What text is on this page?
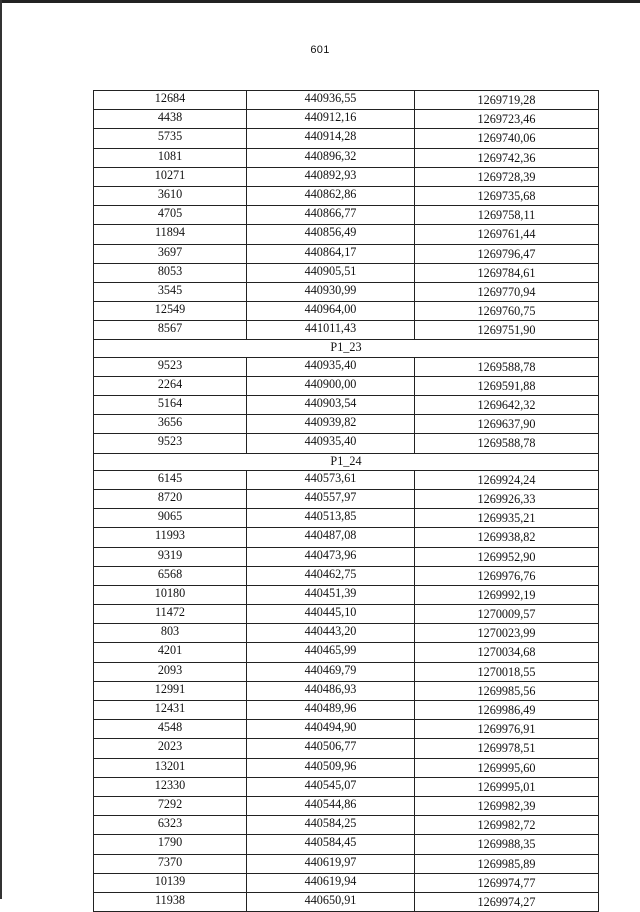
601
12684	440936,55	1269719,28
4438	440912,16	1269723,46
5735	440914,28	1269740,06
1081	440896,32	1269742,36
10271	440892,93	1269728,39
3610	440862,86	1269735,68
4705	440866,77	1269758,11
11894	440856,49	1269761,44
3697	440864,17	1269796,47
8053	440905,51	1269784,61
3545	440930,99	1269770,94
12549	440964,00	1269760,75
8567	441011,43	1269751,90
P1_23		
9523	440935,40	1269588,78
2264	440900,00	1269591,88
5164	440903,54	1269642,32
3656	440939,82	1269637,90
9523	440935,40	1269588,78
P1_24		
6145	440573,61	1269924,24
8720	440557,97	1269926,33
9065	440513,85	1269935,21
11993	440487,08	1269938,82
9319	440473,96	1269952,90
6568	440462,75	1269976,76
10180	440451,39	1269992,19
11472	440445,10	1270009,57
803	440443,20	1270023,99
4201	440465,99	1270034,68
2093	440469,79	1270018,55
12991	440486,93	1269985,56
12431	440489,96	1269986,49
4548	440494,90	1269976,91
2023	440506,77	1269978,51
13201	440509,96	1269995,60
12330	440545,07	1269995,01
7292	440544,86	1269982,39
6323	440584,25	1269982,72
1790	440584,45	1269988,35
7370	440619,97	1269985,89
10139	440619,94	1269974,77
11938	440650,91	1269974,27
